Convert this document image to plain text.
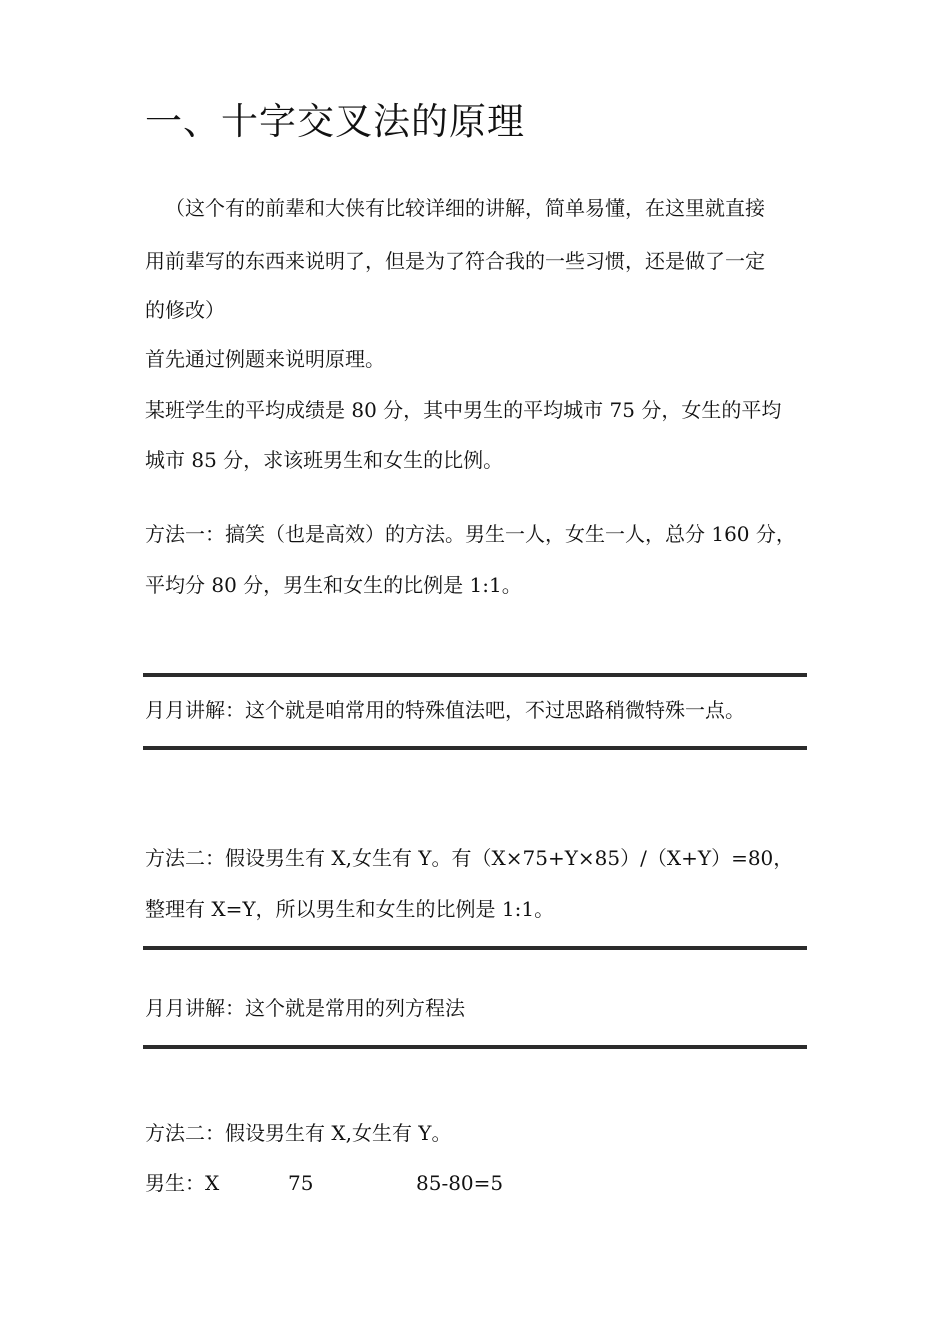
一、十字交叉法的原理
（这个有的前辈和大侠有比较详细的讲解，简单易懂，在这里就直接
用前辈写的东西来说明了，但是为了符合我的一些习惯，还是做了一定
的修改）
首先通过例题来说明原理。
某班学生的平均成绩是 80 分，其中男生的平均城市 75 分，女生的平均
城市 85 分，求该班男生和女生的比例。
方法一：搞笑（也是高效）的方法。男生一人，女生一人，总分 160 分，
平均分 80 分，男生和女生的比例是 1:1。
月月讲解：这个就是咱常用的特殊值法吧，不过思路稍微特殊一点。
方法二：假设男生有 X,女生有 Y。有（X×75+Y×85）/（X+Y）=80，
整理有 X=Y，所以男生和女生的比例是 1:1。
月月讲解：这个就是常用的列方程法
方法二：假设男生有 X,女生有 Y。
男生：X	75	85-80=5
